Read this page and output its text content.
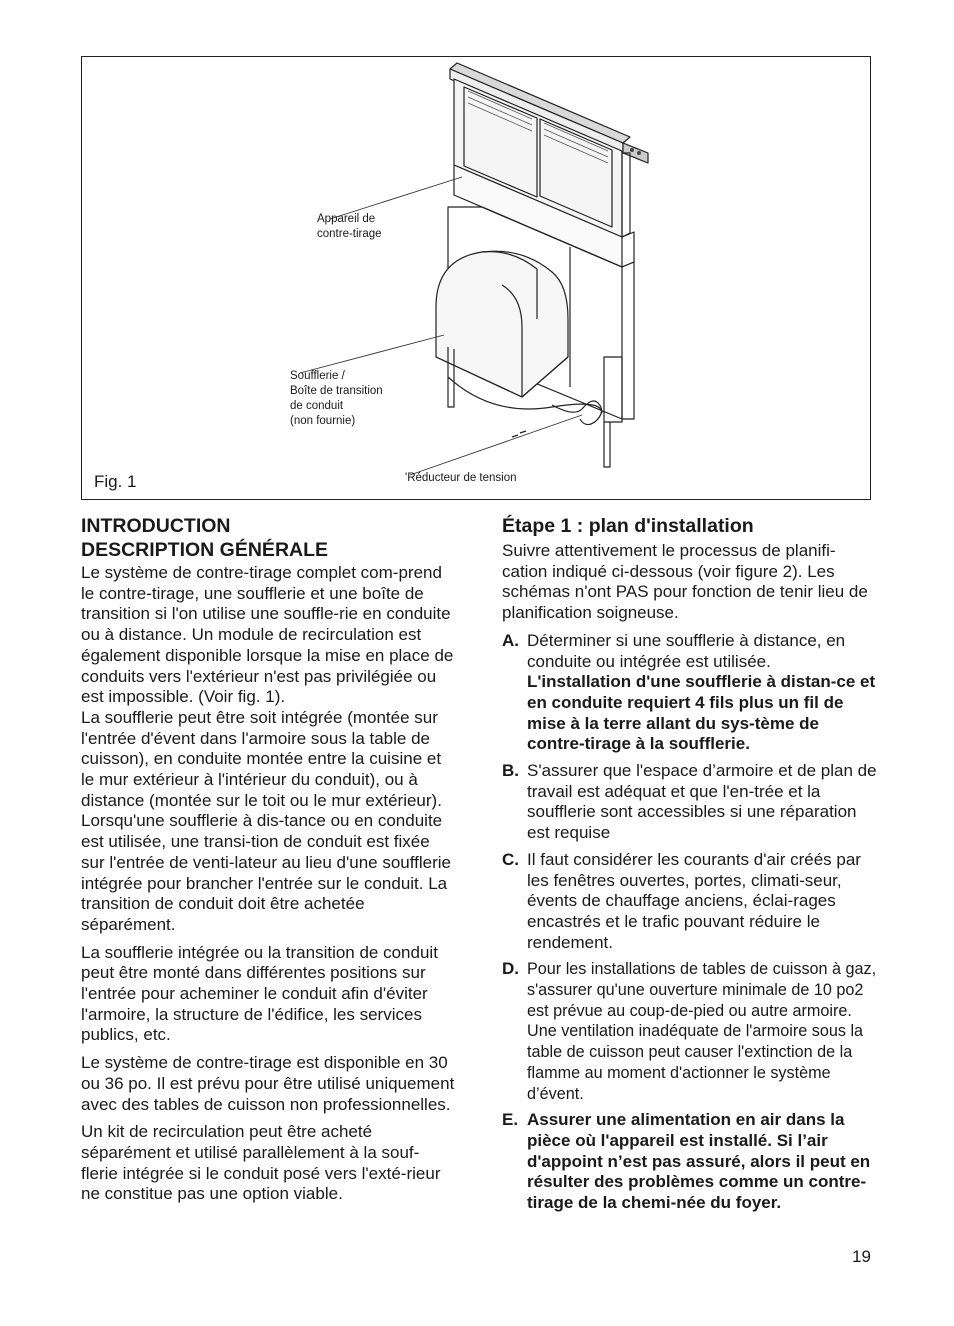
Appareil de
contre-tirage
Soufflerie /
Boîte de transition
de conduit
(non fournie)
'Réducteur de tension
Fig. 1
INTRODUCTION
DESCRIPTION GÉNÉRALE

Le système de contre-tirage complet com-prend le contre-tirage, une soufflerie et une boîte de transition si l'on utilise une souffle-rie en conduite ou à distance. Un module de recirculation est également disponible lorsque la mise en place de conduits vers l'extérieur n'est pas privilégiée ou est impossible. (Voir fig. 1).

La soufflerie peut être soit intégrée (montée sur l'entrée d'évent dans l'armoire sous la table de cuisson), en conduite montée entre la cuisine et le mur extérieur à l'intérieur du conduit), ou à distance (montée sur le toit ou le mur extérieur). Lorsqu'une soufflerie à dis-tance ou en conduite est utilisée, une transi-tion de conduit est fixée sur l'entrée de venti-lateur au lieu d'une soufflerie intégrée pour brancher l'entrée sur le conduit. La transition de conduit doit être achetée séparément.

La soufflerie intégrée ou la transition de conduit peut être monté dans différentes positions sur l'entrée pour acheminer le conduit afin d'éviter l'armoire, la structure de l'édifice, les services publics, etc.

Le système de contre-tirage est disponible en 30 ou 36 po. Il est prévu pour être utilisé uniquement avec des tables de cuisson non professionnelles.

Un kit de recirculation peut être acheté séparément et utilisé parallèlement à la souf-flerie intégrée si le conduit posé vers l'exté-rieur ne constitue pas une option viable.

Étape 1 : plan d'installation

Suivre attentivement le processus de planifi-cation indiqué ci-dessous (voir figure 2). Les schémas n'ont PAS pour fonction de tenir lieu de planification soigneuse.

A. Déterminer si une soufflerie à distance, en conduite ou intégrée est utilisée.
L'installation d'une soufflerie à distan-ce et en conduite requiert 4 fils plus un fil de mise à la terre allant du sys-tème de contre-tirage à la soufflerie.
B. S'assurer que l'espace d’armoire et de plan de travail est adéquat et que l'en-trée et la soufflerie sont accessibles si une réparation est requise
C. Il faut considérer les courants d'air créés par les fenêtres ouvertes, portes, climati-seur, évents de chauffage anciens, éclai-rages encastrés et le trafic pouvant réduire le rendement.
D. Pour les installations de tables de cuisson à gaz, s'assurer qu'une ouverture minimale de 10 po2 est prévue au coup-de-pied ou autre armoire. Une ventilation inadéquate de l'armoire sous la table de cuisson peut causer l'extinction de la flamme au moment d'actionner le système d’évent.
E. Assurer une alimentation en air dans la pièce où l'appareil est installé. Si l’air d'appoint n’est pas assuré, alors il peut en résulter des problèmes comme un contre-tirage de la chemi-née du foyer.
19
